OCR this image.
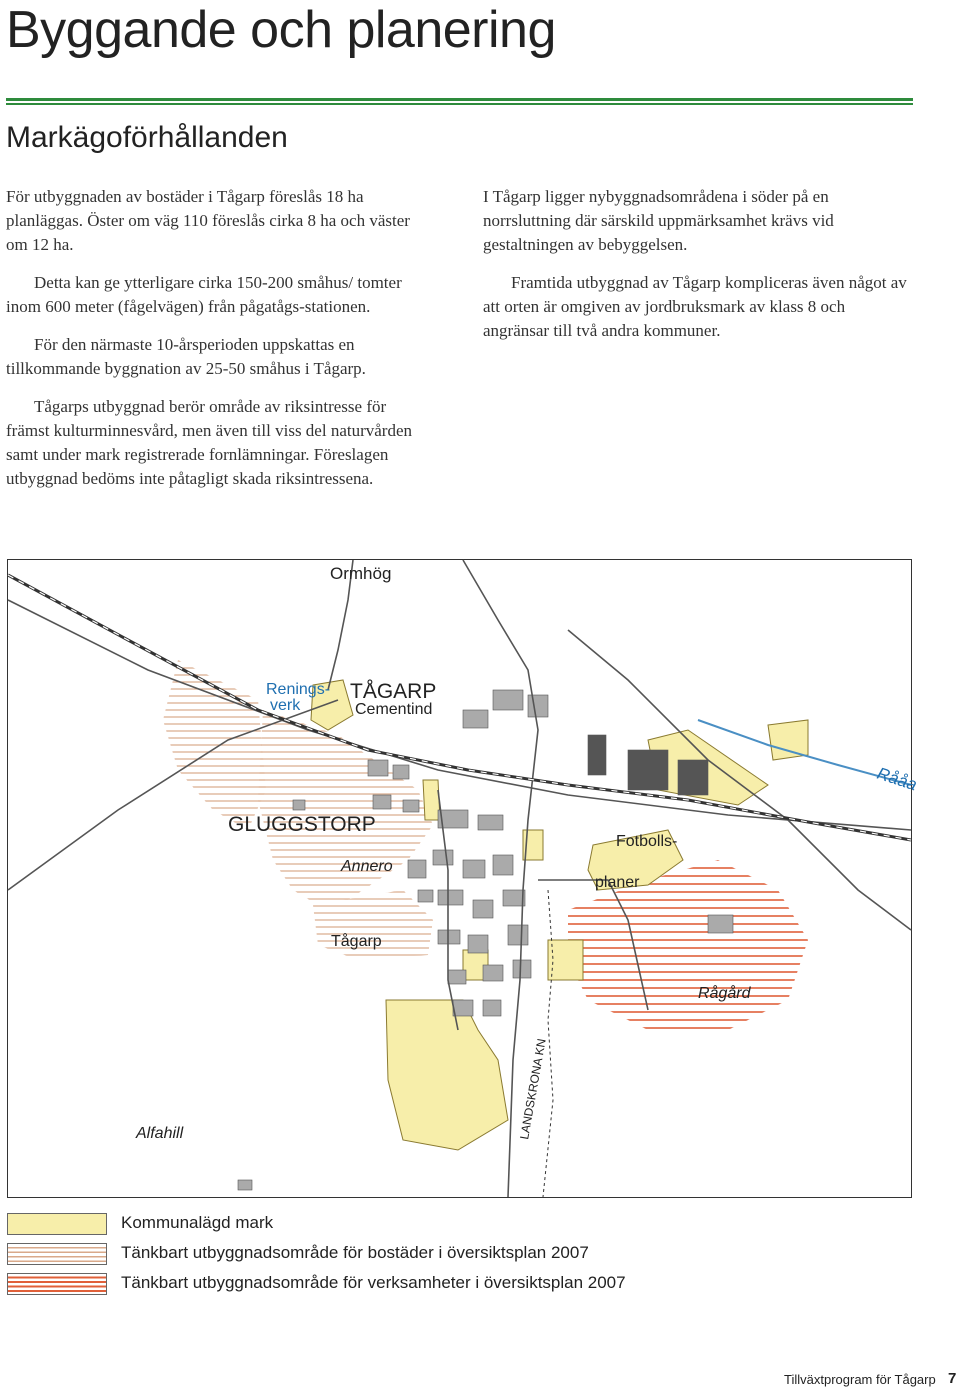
Byggande och planering
Markägoförhållanden

För utbyggnaden av bostäder i Tågarp föreslås 18 ha planläggas. Öster om väg 110 föreslås cirka 8 ha och väster om 12 ha.

Detta kan ge ytterligare cirka 150-200 småhus/ tomter inom 600 meter (fågelvägen) från pågatågs-stationen.

För den närmaste 10-årsperioden uppskattas en tillkommande byggnation av 25-50 småhus i Tågarp.

Tågarps utbyggnad berör område av riksintresse för främst kulturminnesvård, men även till viss del naturvården samt under mark registrerade fornlämningar. Föreslagen utbyggnad bedöms inte påtagligt skada riksintressena.

I Tågarp ligger nybyggnadsområdena i söder på en norrsluttning där särskild uppmärksamhet krävs vid gestaltningen av bebyggelsen.

Framtida utbyggnad av Tågarp kompliceras även något av att orten är omgiven av jordbruksmark av klass 8 och angränsar till två andra kommuner.

Ormhög
Renings-
verk
TÅGARP
Cementind
Rååa
GLUGGSTORP
Fotbolls-
planer
Annero
Tågarp
Rågård
LANDSKRONA KN
Alfahill
Kommunalägd mark
Tänkbart utbyggnadsområde för bostäder i översiktsplan 2007
Tänkbart utbyggnadsområde för verksamheter i översiktsplan 2007
Tillväxtprogram för Tågarp 7
